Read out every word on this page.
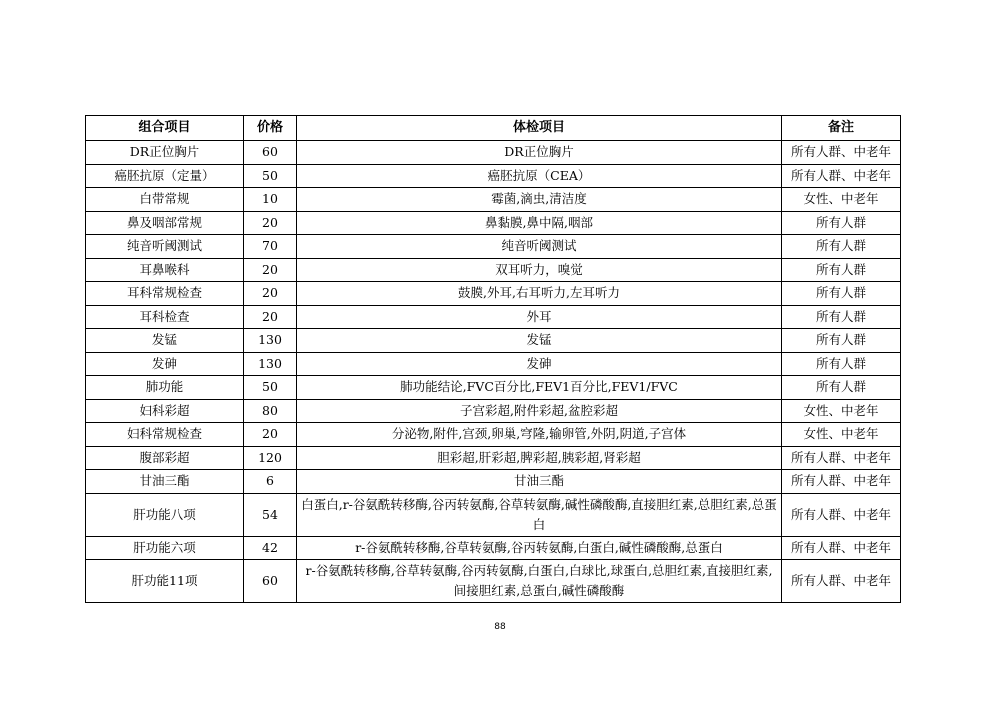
组合项目	价格	体检项目	备注
DR正位胸片	60	DR正位胸片	所有人群、中老年
癌胚抗原（定量）	50	癌胚抗原（CEA）	所有人群、中老年
白带常规	10	霉菌,滴虫,清洁度	女性、中老年
鼻及咽部常规	20	鼻黏膜,鼻中隔,咽部	所有人群
纯音听阈测试	70	纯音听阈测试	所有人群
耳鼻喉科	20	双耳听力，嗅觉	所有人群
耳科常规检查	20	鼓膜,外耳,右耳听力,左耳听力	所有人群
耳科检查	20	外耳	所有人群
发锰	130	发锰	所有人群
发砷	130	发砷	所有人群
肺功能	50	肺功能结论,FVC百分比,FEV1百分比,FEV1/FVC	所有人群
妇科彩超	80	子宫彩超,附件彩超,盆腔彩超	女性、中老年
妇科常规检查	20	分泌物,附件,宫颈,卵巢,穹隆,输卵管,外阴,阴道,子宫体	女性、中老年
腹部彩超	120	胆彩超,肝彩超,脾彩超,胰彩超,肾彩超	所有人群、中老年
甘油三酯	6	甘油三酯	所有人群、中老年
肝功能八项	54	白蛋白,r-谷氨酰转移酶,谷丙转氨酶,谷草转氨酶,碱性磷酸酶,直接胆红素,总胆红素,总蛋白	所有人群、中老年
肝功能六项	42	r-谷氨酰转移酶,谷草转氨酶,谷丙转氨酶,白蛋白,碱性磷酸酶,总蛋白	所有人群、中老年
肝功能11项	60	r-谷氨酰转移酶,谷草转氨酶,谷丙转氨酶,白蛋白,白球比,球蛋白,总胆红素,直接胆红素,间接胆红素,总蛋白,碱性磷酸酶	所有人群、中老年
88
